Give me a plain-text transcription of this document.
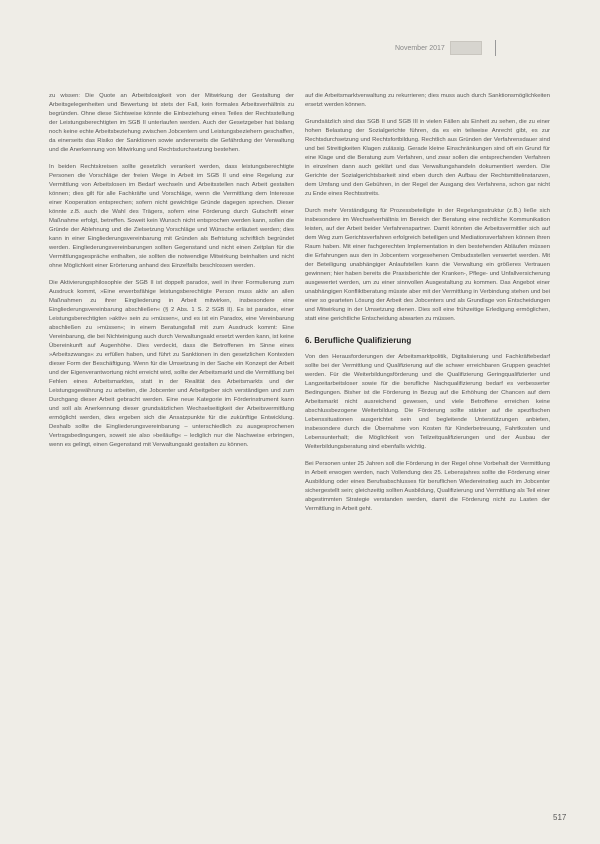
November 2017

zu wissen: Die Quote an Arbeitslosigkeit von der Mitwirkung der Gestaltung der Arbeitsgelegenheiten und Bewertung ist stets der Fall, kein formales Arbeitsverhältnis zu begründen. Ohne diese Sichtweise könnte die Einbeziehung eines Teiles der Rechtsstellung der Leistungsberechtigten im SGB II unterlaufen werden. Auch der Gesetzgeber hat bislang noch keine echte Arbeitsbeziehung zwischen Jobcentern und Leistungsbeziehern geschaffen, da einerseits das Risiko der Sanktionen sowie andererseits die Gefährdung der Verwaltung und die Anerkennung von Mitwirkung und Rechtsdurchsetzung bestehen.

In beiden Rechtskreisen sollte gesetzlich verankert werden, dass leistungsberechtigte Personen die Vorschläge der freien Wege in Arbeit im SGB II und eine Regelung zur Vermittlung von Arbeitslosen im Bedarf wechseln und Arbeitsstellen nach Arbeit gestalten können; dies gilt für alle Fachkräfte und Vorschläge, wenn die Vermittlung dem Interesse einer Kooperation entsprechen; sofern nicht gewichtige Gründe dagegen sprechen. Dieser könnte z.B. auch die Wahl des Trägers, sofern eine Förderung durch Gutschrift einer Maßnahme erfolgt, betreffen. Soweit kein Wunsch nicht entsprochen werden kann, sollen die Gründe der Ablehnung und die Zielsetzung Vorschläge und Wünsche erläutert werden; dies kann in einer Eingliederungsvereinbarung mit Gründen als Befristung schriftlich begründet werden. Eingliederungsvereinbarungen sollten Gegenstand und nicht einen Zeitplan für die Vermittlungsgespräche enthalten, sie sollten die notwendige Mitwirkung beinhalten und nicht ohne Möglichkeit einer Erörterung anhand des Einzelfalls beschlossen werden.

Die Aktivierungsphilosophie der SGB II ist doppelt paradox, weil in ihrer Formulierung zum Ausdruck kommt, »Eine erwerbsfähige leistungsberechtigte Person muss aktiv an allen Maßnahmen zu ihrer Eingliederung in Arbeit mitwirken, insbesondere eine Eingliederungsvereinbarung abschließen« (§ 2 Abs. 1 S. 2 SGB II). Es ist paradox, einer Leistungsberechtigten »aktiv« sein zu »müssen«, und es ist ein Paradox, eine Vereinbarung abschließen zu »müssen«; in einem Beratungsfall mit zum Ausdruck kommt: Eine Vereinbarung, die bei Nichteinigung auch durch Verwaltungsakt ersetzt werden kann, ist keine Übereinkunft auf Augenhöhe. Dies verdeckt, dass die Betroffenen im Sinne eines »Arbeitszwangs« zu erfüllen haben, und führt zu Sanktionen in den gesetzlichen Kontexten dieser Form der Beschäftigung. Wenn für die Umsetzung in der Sache ein Konzept der Arbeit und der Eigenverantwortung nicht erreicht wird, sollte der Arbeitsmarkt und die Vermittlung bei Fehlen eines Arbeitsmarktes, statt in der Realität des Arbeitsmarkts und der Leistungsgewährung zu arbeiten, die Jobcenter und Arbeitgeber sich verständigen und zum Durchgang dieser Arbeit gebracht werden. Eine neue Kategorie im Förderinstrument kann und soll als Anerkennung dieser grundsätzlichen Wechselseitigkeit der Arbeitsvermittlung ermöglicht werden, dies ergeben sich die Ansatzpunkte für die zukünftige Entwicklung. Deshalb sollte die Eingliederungsvereinbarung – unterschiedlich zu ausgesprochenen Vertragsbedingungen, soweit sie also »beiläufig« – lediglich nur die Nachweise erbringen, wenn es gelingt, einen Gegenstand mit Verwaltungsakt gestalten zu können.

auf die Arbeitsmarktverwaltung zu rekurrieren; dies muss auch durch Sanktionsmöglichkeiten ersetzt werden können.

Grundsätzlich sind das SGB II und SGB III in vielen Fällen als Einheit zu sehen, die zu einer hohen Belastung der Sozialgerichte führen, da es ein teilweise Anrecht gibt, es zur Rechtsdurchsetzung und Rechtsfortbildung. Rechtlich aus Gründen der Verfahrensdauer sind und bei Streitigkeiten Klagen zulässig. Gerade kleine Einschränkungen sind oft ein Grund für eine Klage und die Beratung zum Verfahren, und zwar sollen die entsprechenden Verfahren in einzelnen dann auch geklärt und das Verwaltungshandeln dokumentiert werden. Die Gerichte der Sozialgerichtsbarkeit sind eben durch den Aufbau der Rechtsmittelinstanzen, dem Umfang und den Gebühren, in der Regel der Ausgang des Verfahrens, schon gar nicht zu Ende eines Rechtsstreits.

Durch mehr Verständigung für Prozessbeteiligte in der Regelungsstruktur (z.B.) ließe sich insbesondere im Wechselverhältnis im Bereich der Beratung eine rechtliche Kommunikation leisten, auf der Arbeit beider Verfahrenspartner. Damit könnten die Arbeitsvermittler sich auf dem Weg zum Gerichtsverfahren erfolgreich beteiligen und Mediationsverfahren können ihren Raum haben. Mit einer fachgerechten Implementation in den bestehenden Abläufen müssen die Erfahrungen aus den in Jobcentern vorgesehenen Ombudsstellen verwertet werden. Mit der Beteiligung unabhängiger Anlaufstellen kann die Verwaltung ein größeres Vertrauen gewinnen; hier haben bereits die Praxisberichte der Kranken-, Pflege- und Unfallversicherung ausgewertet werden, um zu einer sinnvollen Ausgestaltung zu kommen. Das Angebot einer unabhängigen Konfliktberatung müsste aber mit der Vermittlung in Verbindung stehen und bei einer so gearteten Lösung der Arbeit des Jobcenters und als Grundlage von Entscheidungen und Mitwirkung in der Umsetzung dienen. Dies soll eine frühzeitige Erledigung ermöglichen, statt eine gerichtliche Entscheidung abwarten zu müssen.

6. Berufliche Qualifizierung

Von den Herausforderungen der Arbeitsmarktpolitik, Digitalisierung und Fachkräftebedarf sollte bei der Vermittlung und Qualifizierung auf die schwer erreichbaren Gruppen geachtet werden. Für die Weiterbildungsförderung und die Qualifizierung Geringqualifizierter und Langzeitarbeitsloser sowie für die berufliche Nachqualifizierung bedarf es verbesserter Bedingungen. Bisher ist die Förderung in Bezug auf die Erhöhung der Chancen auf dem Arbeitsmarkt nicht ausreichend gewesen, und viele Betroffene erreichen keine abschlussbezogene Weiterbildung. Die Förderung sollte stärker auf die spezifischen Lebenssituationen ausgerichtet sein und begleitende Unterstützungen anbieten, insbesondere durch die Übernahme von Kosten für Kinderbetreuung, Fahrtkosten und Lebensunterhalt; die Möglichkeit von Teilzeitqualifizierungen und der Ausbau der Weiterbildungsberatung sind ebenfalls wichtig.

Bei Personen unter 25 Jahren soll die Förderung in der Regel ohne Vorbehalt der Vermittlung in Arbeit erwogen werden, nach Vollendung des 25. Lebensjahres sollte die Förderung einer Ausbildung oder eines Berufsabschlusses für beruflichen Wiedereinstieg auch im Jobcenter sichergestellt sein; gleichzeitig sollten Ausbildung, Qualifizierung und Vermittlung als Teil einer abgestimmten Strategie verstanden werden, damit die Förderung nicht zu Lasten der Vermittlung in Arbeit geht.

517
